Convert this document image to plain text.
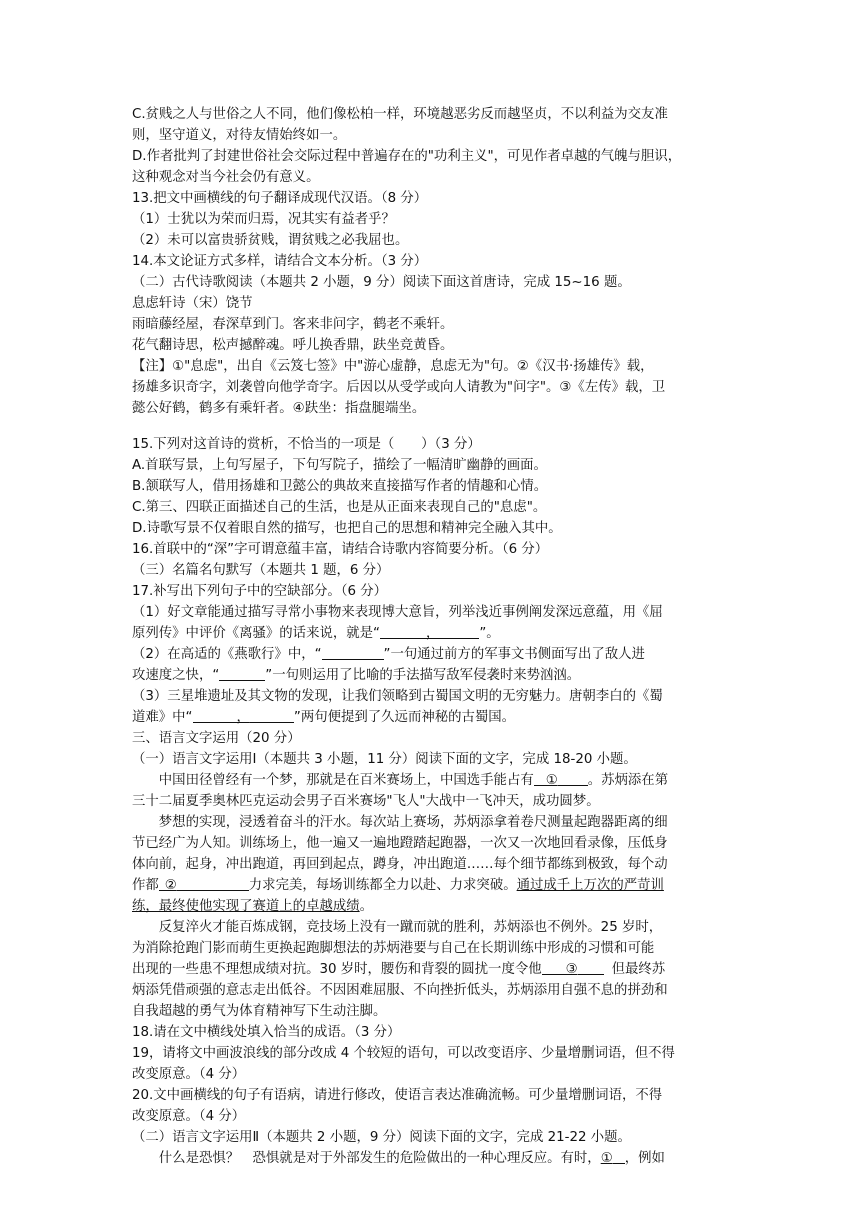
C.贫贱之人与世俗之人不同，他们像松柏一样，环境越恶劣反而越坚贞，不以利益为交友准
则，坚守道义，对待友情始终如一。
D.作者批判了封建世俗社会交际过程中普遍存在的"功利主义"，可见作者卓越的气魄与胆识，
这种观念对当今社会仍有意义。
13.把文中画横线的句子翻译成现代汉语。（8 分）
（1）士犹以为荣而归焉，况其实有益者乎？
（2）未可以富贵骄贫贱，谓贫贱之必我屈也。
14.本文论证方式多样，请结合文本分析。（3 分）
（二）古代诗歌阅读（本题共 2 小题，9 分）阅读下面这首唐诗，完成 15~16 题。
息虑轩诗（宋）饶节
雨暗藤经屋，春深草到门。客来非问字，鹤老不乘轩。
花气翻诗思，松声撼醉魂。呼儿换香鼎，趺坐竞黄昏。
【注】①"息虑"，出自《云笈七签》中"游心虚静，息虑无为"句。②《汉书·扬雄传》载，
扬雄多识奇字，刘袭曾向他学奇字。后因以从受学或向人请教为"问字"。③《左传》载，卫
懿公好鹤，鹤多有乘轩者。④趺坐：指盘腿端坐。
15.下列对这首诗的赏析，不恰当的一项是（　　）（3 分）
A.首联写景，上句写屋子，下句写院子，描绘了一幅清旷幽静的画面。
B.颔联写人，借用扬雄和卫懿公的典故来直接描写作者的情趣和心情。
C.第三、四联正面描述自己的生活，也是从正面来表现自己的"息虑"。
D.诗歌写景不仅着眼自然的描写，也把自己的思想和精神完全融入其中。
16.首联中的“深”字可谓意蕴丰富，请结合诗歌内容简要分析。（6 分）
（三）名篇名句默写（本题共 1 题，6 分）
17.补写出下列句子中的空缺部分。（6 分）
（1）好文章能通过描写寻常小事物来表现博大意旨，列举浅近事例阐发深远意蕴，用《屈
原列传》中评价《离骚》的话来说，就是“	，	”。
（2）在高适的《燕歌行》中，“	”一句通过前方的军事文书侧面写出了敌人进
攻速度之快，“	”一句则运用了比喻的手法描写敌军侵袭时来势汹汹。
（3）三星堆遗址及其文物的发现，让我们领略到古蜀国文明的无穷魅力。唐朝李白的《蜀
道难》中“	，	”两句便提到了久远而神秘的古蜀国。
三、语言文字运用（20 分）
（一）语言文字运用Ⅰ（本题共 3 小题，11 分）阅读下面的文字，完成 18-20 小题。
中国田径曾经有一个梦，那就是在百米赛场上，中国选手能占有 ① 。苏炳添在第
三十二届夏季奥林匹克运动会男子百米赛场"飞人"大战中一飞冲天，成功圆梦。
梦想的实现，浸透着奋斗的汗水。每次站上赛场，苏炳添拿着卷尺测量起跑器距离的细
节已经广为人知。训练场上，他一遍又一遍地蹬踏起跑器，一次又一次地回看录像，压低身
体向前，起身，冲出跑道，再回到起点，蹲身，冲出跑道……每个细节都练到极致，每个动
作都 ②	力求完美，每场训练都全力以赴、力求突破。通过成千上万次的严苛训
练，最终使他实现了赛道上的卓越成绩。
反复淬火才能百炼成钢，竞技场上没有一蹴而就的胜利，苏炳添也不例外。25 岁时，
为消除抢跑门影而萌生更换起跑脚想法的苏炳港要与自己在长期训练中形成的习惯和可能
出现的一些患不理想成绩对抗。30 岁时，腰伤和背裂的圆扰一度令他 ③	但最终苏
炳添凭借顽强的意志走出低谷。不因困难屈服、不向挫折低头，苏炳添用自强不息的拼劲和
自我超越的勇气为体育精神写下生动注脚。
18.请在文中横线处填入恰当的成语。（3 分）
19，请将文中画波浪线的部分改成 4 个较短的语句，可以改变语序、少量增删词语，但不得
改变原意。（4 分）
20.文中画横线的句子有语病，请进行修改，使语言表达准确流畅。可少量增删词语，不得
改变原意。（4 分）
（二）语言文字运用Ⅱ（本题共 2 小题，9 分）阅读下面的文字，完成 21-22 小题。
什么是恐惧？　恐惧就是对于外部发生的危险做出的一种心理反应。有时，① ，例如
